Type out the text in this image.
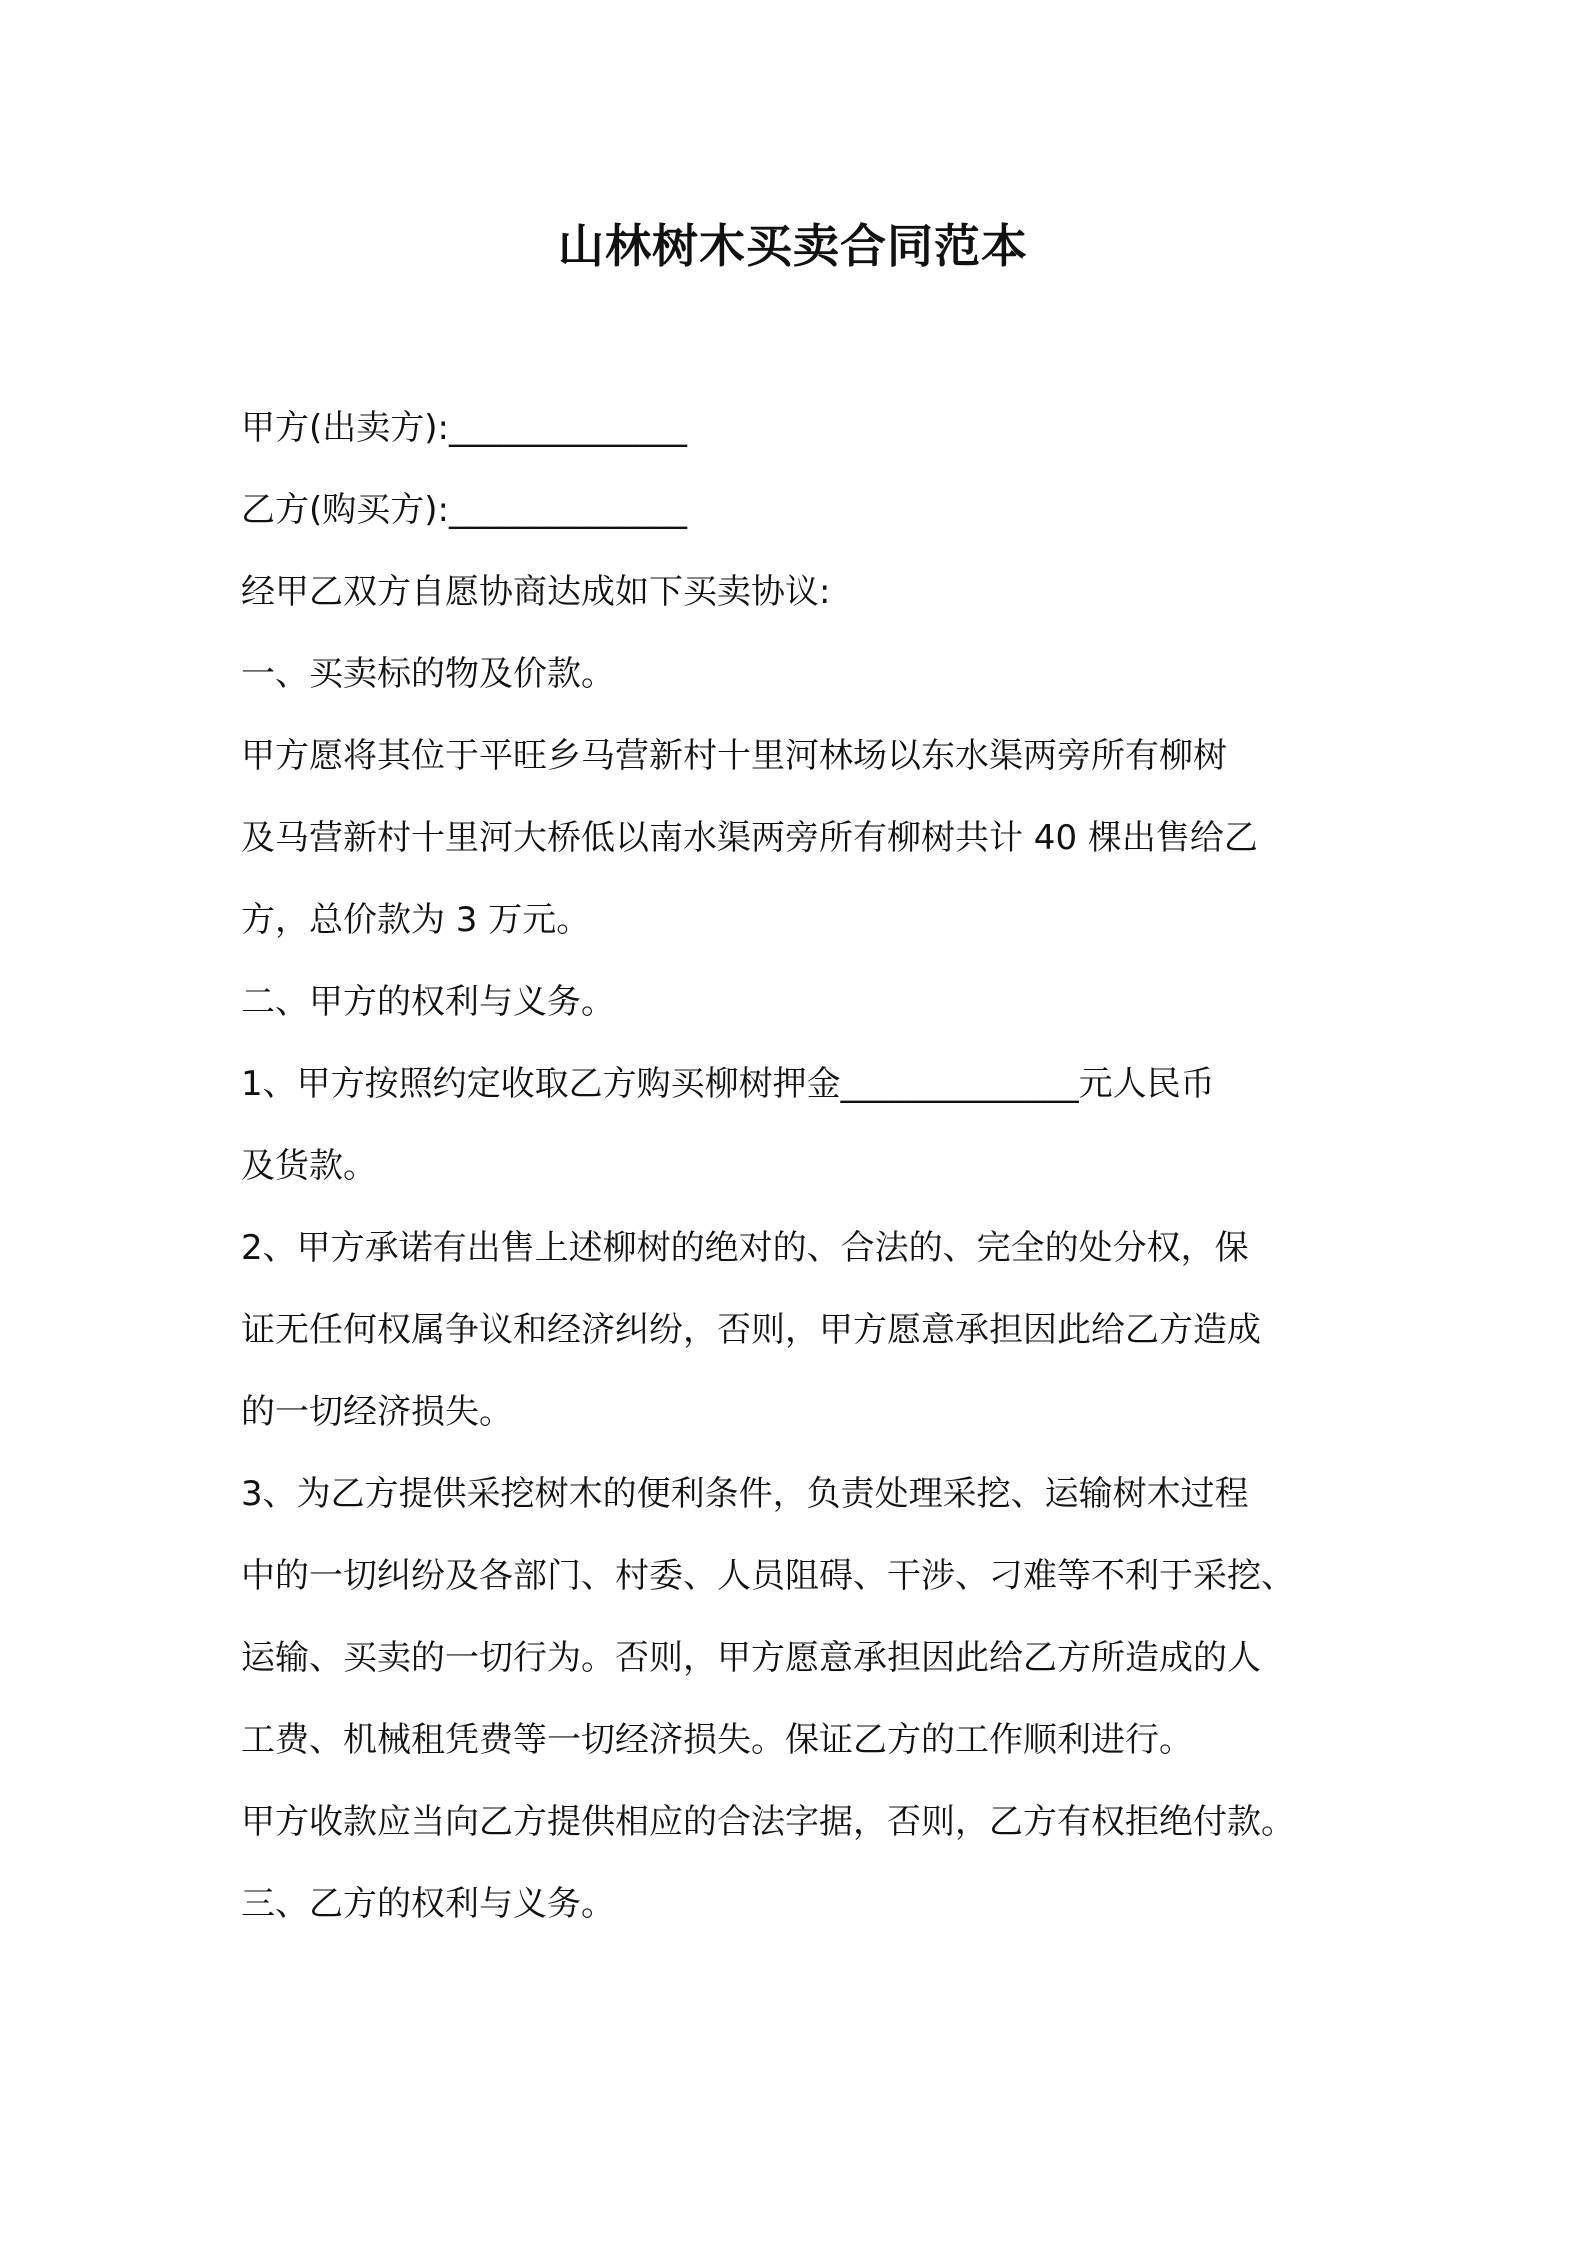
山林树木买卖合同范本
甲方(出卖方):______________
乙方(购买方):______________
经甲乙双方自愿协商达成如下买卖协议:
一、买卖标的物及价款。
甲方愿将其位于平旺乡马营新村十里河林场以东水渠两旁所有柳树
及马营新村十里河大桥低以南水渠两旁所有柳树共计 40 棵出售给乙
方，总价款为 3 万元。
二、甲方的权利与义务。
1、甲方按照约定收取乙方购买柳树押金______________元人民币
及货款。
2、甲方承诺有出售上述柳树的绝对的、合法的、完全的处分权，保
证无任何权属争议和经济纠纷，否则，甲方愿意承担因此给乙方造成
的一切经济损失。
3、为乙方提供采挖树木的便利条件，负责处理采挖、运输树木过程
中的一切纠纷及各部门、村委、人员阻碍、干涉、刁难等不利于采挖、
运输、买卖的一切行为。否则，甲方愿意承担因此给乙方所造成的人
工费、机械租凭费等一切经济损失。保证乙方的工作顺利进行。
甲方收款应当向乙方提供相应的合法字据，否则，乙方有权拒绝付款。
三、乙方的权利与义务。
